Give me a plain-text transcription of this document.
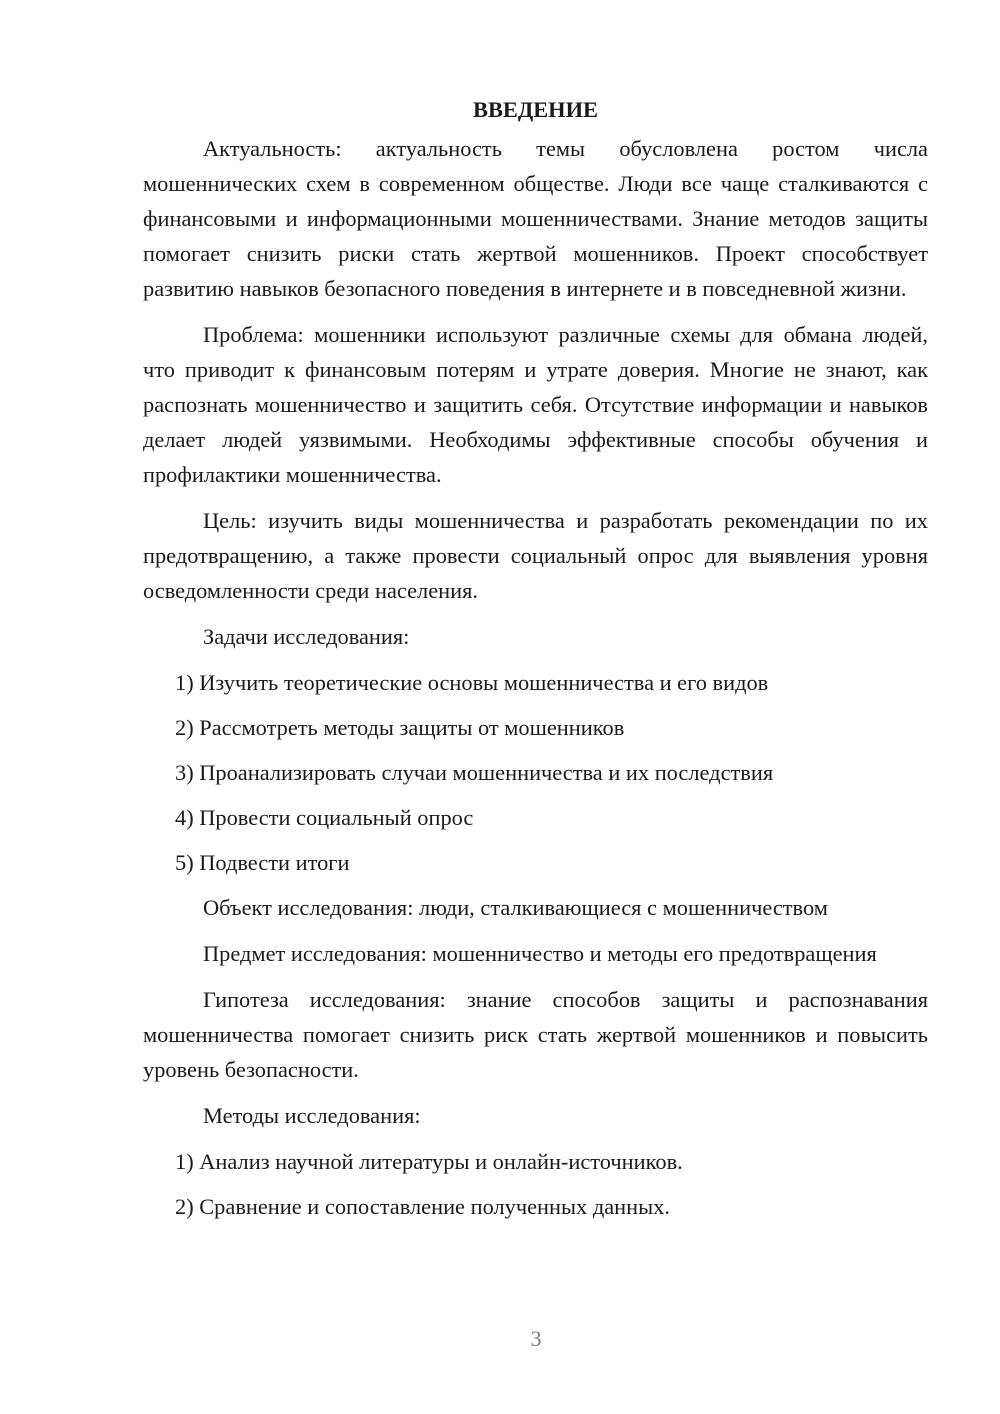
ВВЕДЕНИЕ

Актуальность: актуальность темы обусловлена ростом числа мошеннических схем в современном обществе. Люди все чаще сталкиваются с финансовыми и информационными мошенничествами. Знание методов защиты помогает снизить риски стать жертвой мошенников. Проект способствует развитию навыков безопасного поведения в интернете и в повседневной жизни.

Проблема: мошенники используют различные схемы для обмана людей, что приводит к финансовым потерям и утрате доверия. Многие не знают, как распознать мошенничество и защитить себя. Отсутствие информации и навыков делает людей уязвимыми. Необходимы эффективные способы обучения и профилактики мошенничества.

Цель: изучить виды мошенничества и разработать рекомендации по их предотвращению, а также провести социальный опрос для выявления уровня осведомленности среди населения.

Задачи исследования:

1) Изучить теоретические основы мошенничества и его видов
2) Рассмотреть методы защиты от мошенников
3) Проанализировать случаи мошенничества и их последствия
4) Провести социальный опрос
5) Подвести итоги

Объект исследования: люди, сталкивающиеся с мошенничеством

Предмет исследования: мошенничество и методы его предотвращения

Гипотеза исследования: знание способов защиты и распознавания мошенничества помогает снизить риск стать жертвой мошенников и повысить уровень безопасности.

Методы исследования:

1) Анализ научной литературы и онлайн-источников.
2) Сравнение и сопоставление полученных данных.
3
